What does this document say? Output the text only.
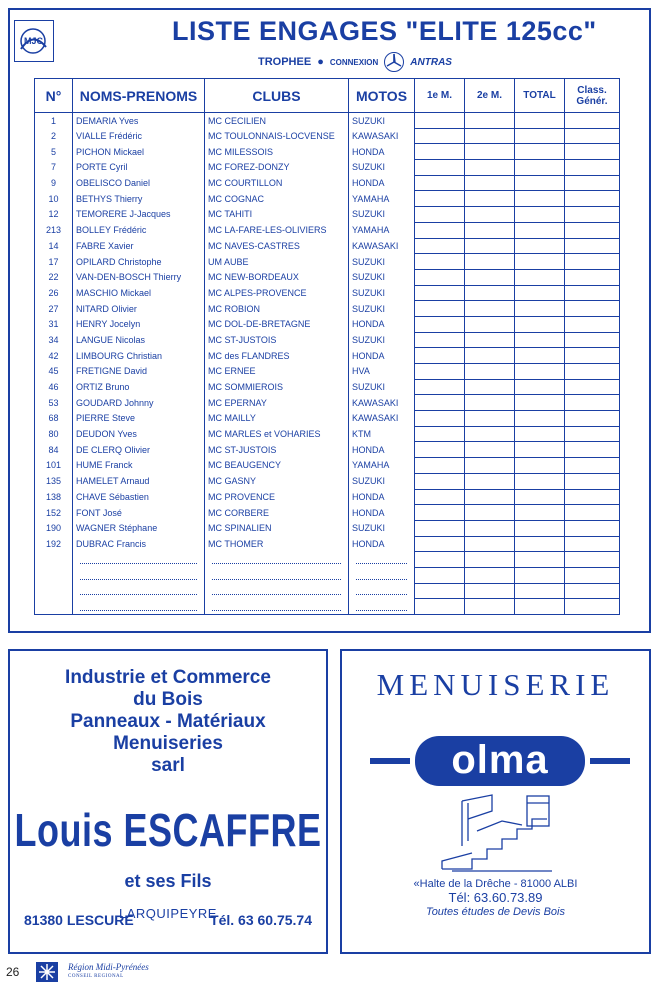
MJC	LISTE ENGAGES "ELITE 125cc"
TROPHEE ● CONNEXION	ANTRAS
N°	NOMS-PRENOMS	CLUBS	MOTOS	1e M.	2e M.	TOTAL	Class. Génér.
1	DEMARIA Yves	MC CECILIEN	SUZUKI				
2	VIALLE Frédéric	MC TOULONNAIS-LOCVENSE	KAWASAKI				
5	PICHON Mickael	MC MILESSOIS	HONDA				
7	PORTE Cyril	MC FOREZ-DONZY	SUZUKI				
9	OBELISCO Daniel	MC COURTILLON	HONDA				
10	BETHYS Thierry	MC COGNAC	YAMAHA				
12	TEMORERE J-Jacques	MC TAHITI	SUZUKI				
213	BOLLEY Frédéric	MC LA-FARE-LES-OLIVIERS	YAMAHA				
14	FABRE Xavier	MC NAVES-CASTRES	KAWASAKI				
17	OPILARD Christophe	UM AUBE	SUZUKI				
22	VAN-DEN-BOSCH Thierry	MC NEW-BORDEAUX	SUZUKI				
26	MASCHIO Mickael	MC ALPES-PROVENCE	SUZUKI				
27	NITARD Olivier	MC ROBION	SUZUKI				
31	HENRY Jocelyn	MC DOL-DE-BRETAGNE	HONDA				
34	LANGUE Nicolas	MC ST-JUSTOIS	SUZUKI				
42	LIMBOURG Christian	MC des FLANDRES	HONDA				
45	FRETIGNE David	MC ERNEE	HVA				
46	ORTIZ Bruno	MC SOMMIEROIS	SUZUKI				
53	GOUDARD Johnny	MC EPERNAY	KAWASAKI				
68	PIERRE Steve	MC MAILLY	KAWASAKI				
80	DEUDON Yves	MC MARLES et VOHARIES	KTM				
84	DE CLERQ Olivier	MC ST-JUSTOIS	HONDA				
101	HUME Franck	MC BEAUGENCY	YAMAHA				
135	HAMELET Arnaud	MC GASNY	SUZUKI				
138	CHAVE Sébastien	MC PROVENCE	HONDA				
152	FONT José	MC CORBERE	HONDA				
190	WAGNER Stéphane	MC SPINALIEN	SUZUKI				
192	DUBRAC Francis	MC THOMER	HONDA				

Industrie et Commerce
du Bois
Panneaux - Matériaux
Menuiseries
sarl
Louis ESCAFFRE
et ses Fils
LARQUIPEYRE
81380 LESCURE	Tél. 63 60.75.74
MENUISERIE
olma
«Halte de la Drêche - 81000 ALBI
Tél: 63.60.73.89
Toutes études de Devis Bois
26	Région Midi-Pyrénées
CONSEIL REGIONAL
